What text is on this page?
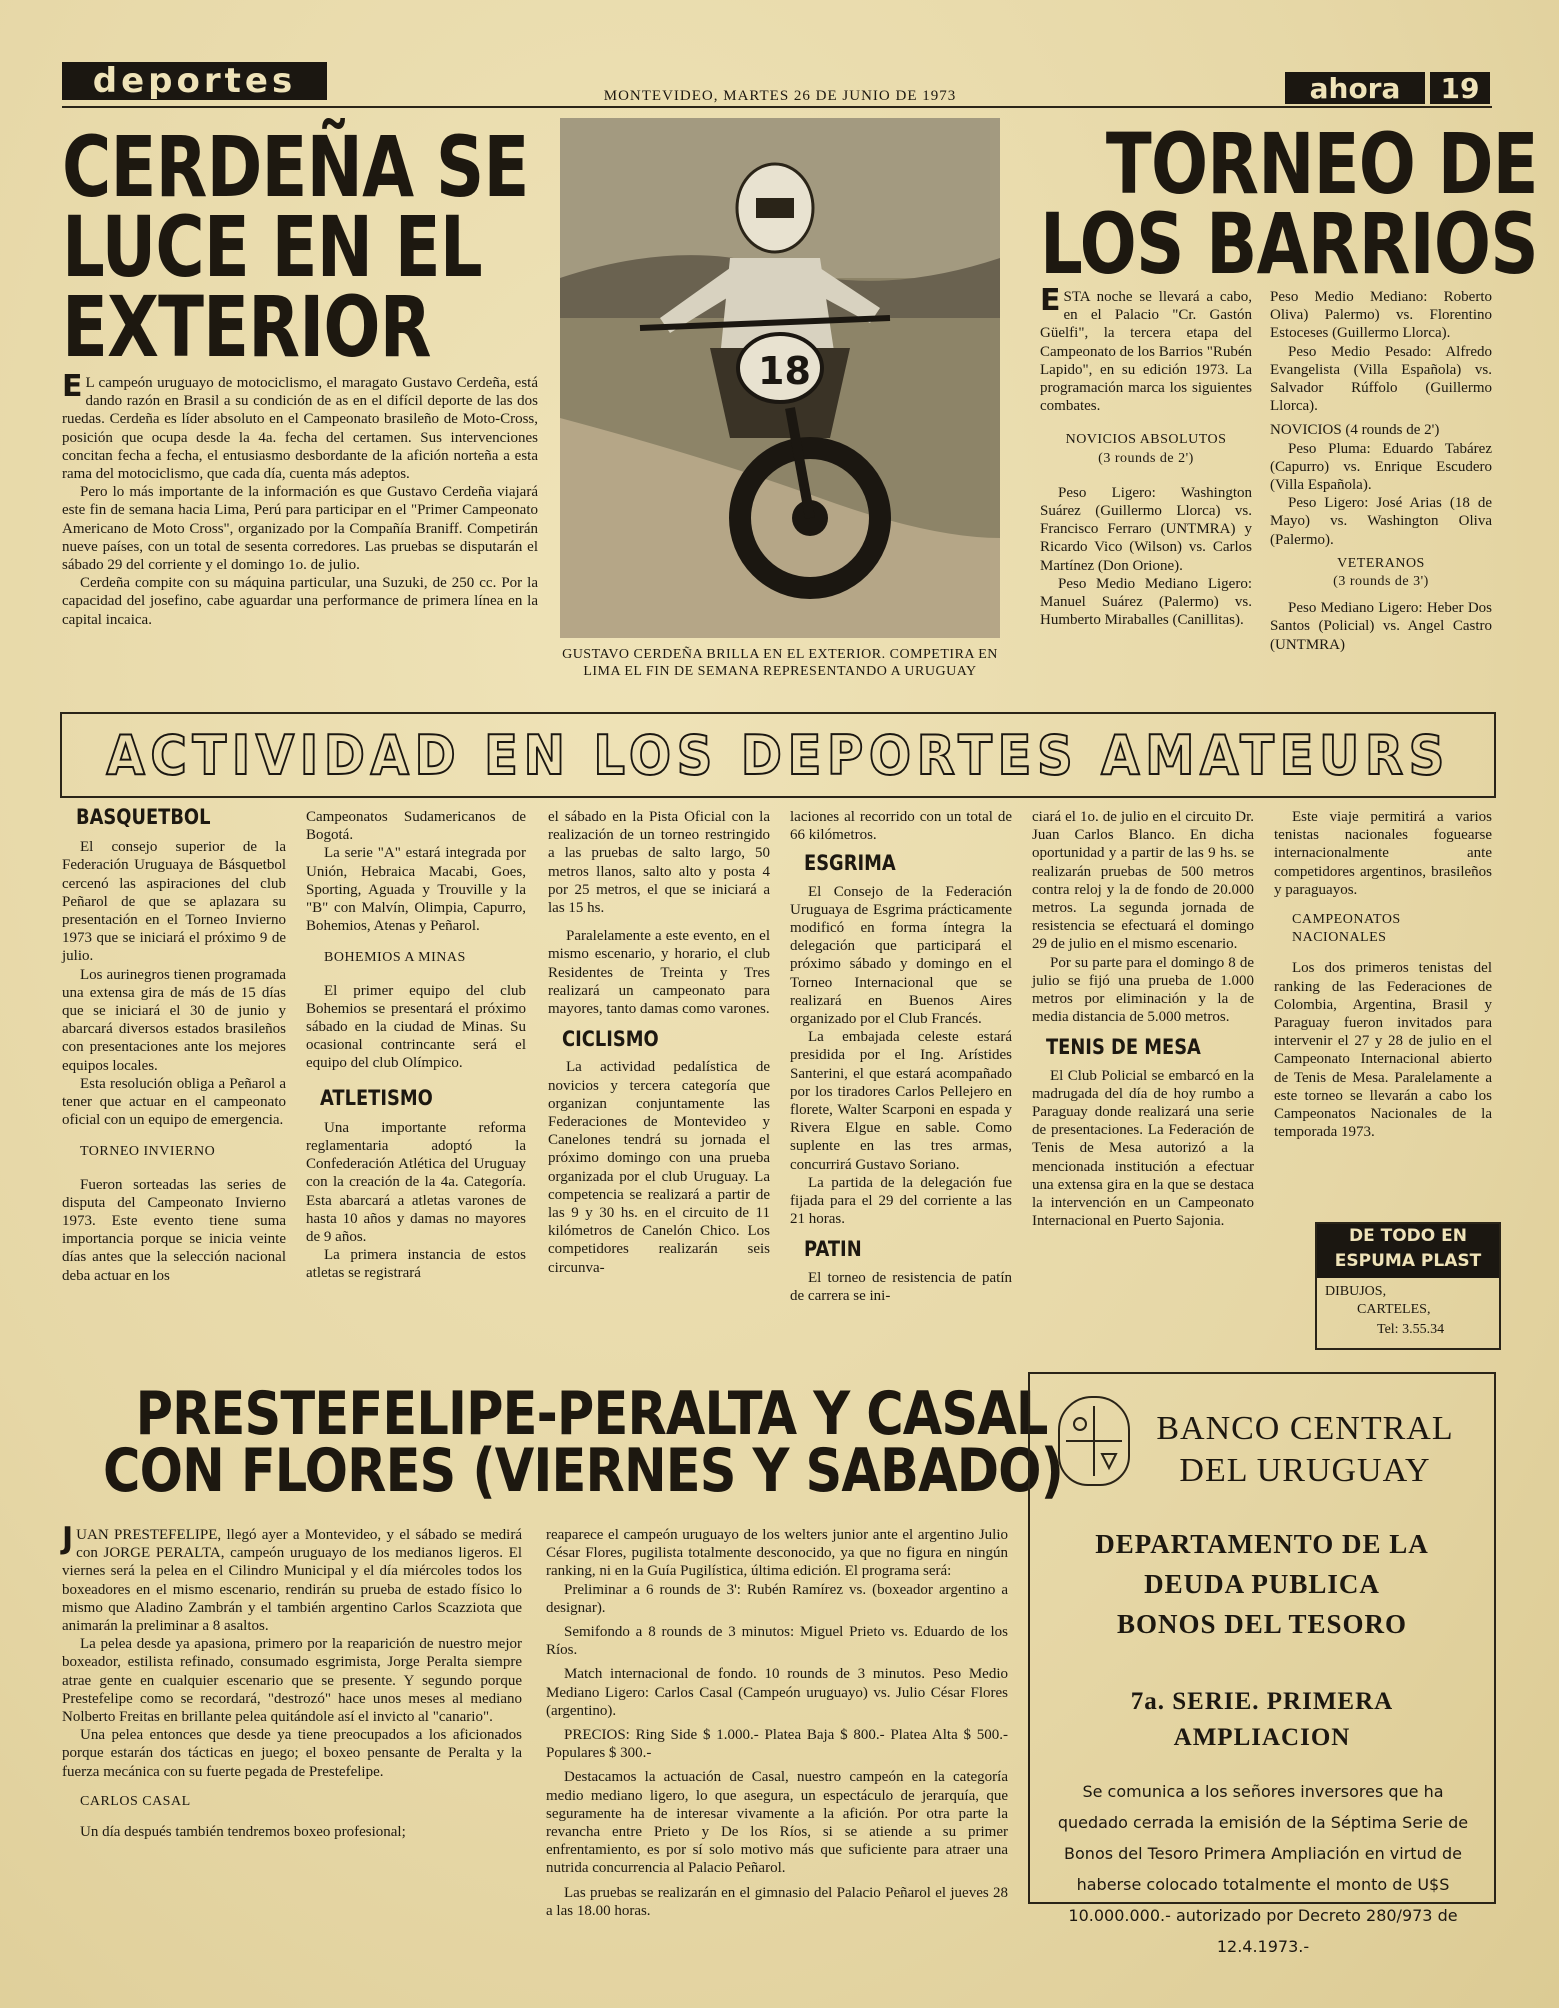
deportes	MONTEVIDEO, MARTES 26 DE JUNIO DE 1973	ahora	19
CERDEÑA SE
LUCE EN EL
EXTERIOR

E L campeón uruguayo de motociclismo, el maragato Gustavo Cerdeña, está dando razón en Brasil a su condición de as en el difícil deporte de las dos ruedas. Cerdeña es líder absoluto en el Campeonato brasileño de Moto-Cross, posición que ocupa desde la 4a. fecha del certamen. Sus intervenciones concitan fecha a fecha, el entusiasmo desbordante de la afición norteña a esta rama del motociclismo, que cada día, cuenta más adeptos.

Pero lo más importante de la información es que Gustavo Cerdeña viajará este fin de semana hacia Lima, Perú para participar en el "Primer Campeonato Americano de Moto Cross", organizado por la Compañía Braniff. Competirán nueve países, con un total de sesenta corredores. Las pruebas se disputarán el sábado 29 del corriente y el domingo 1o. de julio.

Cerdeña compite con su máquina particular, una Suzuki, de 250 cc. Por la capacidad del josefino, cabe aguardar una performance de primera línea en la capital incaica.

18
GUSTAVO CERDEÑA BRILLA EN EL EXTERIOR. COMPETIRA EN LIMA EL FIN DE SEMANA REPRESENTANDO A URUGUAY
TORNEO DE
LOS BARRIOS

ESTA noche se llevará a cabo, en el Palacio "Cr. Gastón Güelfi", la tercera etapa del Campeonato de los Barrios "Rubén Lapido", en su edición 1973. La programación marca los siguientes combates.

NOVICIOS ABSOLUTOS
(3 rounds de 2')

Peso Ligero: Washington Suárez (Guillermo Llorca) vs. Francisco Ferraro (UNTMRA) y Ricardo Vico (Wilson) vs. Carlos Martínez (Don Orione).

Peso Medio Mediano Ligero: Manuel Suárez (Palermo) vs. Humberto Miraballes (Canillitas).

Peso Medio Mediano: Roberto Oliva) Palermo) vs. Florentino Estoceses (Guillermo Llorca).

Peso Medio Pesado: Alfredo Evangelista (Villa Española) vs. Salvador Rúffolo (Guillermo Llorca).

NOVICIOS (4 rounds de 2')

Peso Pluma: Eduardo Tabárez (Capurro) vs. Enrique Escudero (Villa Española).

Peso Ligero: José Arias (18 de Mayo) vs. Washington Oliva (Palermo).

VETERANOS
(3 rounds de 3')

Peso Mediano Ligero: Heber Dos Santos (Policial) vs. Angel Castro (UNTMRA)

ACTIVIDAD EN LOS DEPORTES AMATEURS
BASQUETBOL

El consejo superior de la Federación Uruguaya de Básquetbol cercenó las aspiraciones del club Peñarol de que se aplazara su presentación en el Torneo Invierno 1973 que se iniciará el próximo 9 de julio.

Los aurinegros tienen programada una extensa gira de más de 15 días que se iniciará el 30 de junio y abarcará diversos estados brasileños con presentaciones ante los mejores equipos locales.

Esta resolución obliga a Peñarol a tener que actuar en el campeonato oficial con un equipo de emergencia.

TORNEO INVIERNO

Fueron sorteadas las series de disputa del Campeonato Invierno 1973. Este evento tiene suma importancia porque se inicia veinte días antes que la selección nacional deba actuar en los

Campeonatos Sudamericanos de Bogotá.

La serie "A" estará integrada por Unión, Hebraica Macabi, Goes, Sporting, Aguada y Trouville y la "B" con Malvín, Olimpia, Capurro, Bohemios, Atenas y Peñarol.

BOHEMIOS A MINAS

El primer equipo del club Bohemios se presentará el próximo sábado en la ciudad de Minas. Su ocasional contrincante será el equipo del club Olímpico.

ATLETISMO

Una importante reforma reglamentaria adoptó la Confederación Atlética del Uruguay con la creación de la 4a. Categoría. Esta abarcará a atletas varones de hasta 10 años y damas no mayores de 9 años.

La primera instancia de estos atletas se registrará

el sábado en la Pista Oficial con la realización de un torneo restringido a las pruebas de salto largo, 50 metros llanos, salto alto y posta 4 por 25 metros, el que se iniciará a las 15 hs.

Paralelamente a este evento, en el mismo escenario, y horario, el club Residentes de Treinta y Tres realizará un campeonato para mayores, tanto damas como varones.

CICLISMO

La actividad pedalística de novicios y tercera categoría que organizan conjuntamente las Federaciones de Montevideo y Canelones tendrá su jornada el próximo domingo con una prueba organizada por el club Uruguay. La competencia se realizará a partir de las 9 y 30 hs. en el circuito de 11 kilómetros de Canelón Chico. Los competidores realizarán seis circunva-

laciones al recorrido con un total de 66 kilómetros.

ESGRIMA

El Consejo de la Federación Uruguaya de Esgrima prácticamente modificó en forma íntegra la delegación que participará el próximo sábado y domingo en el Torneo Internacional que se realizará en Buenos Aires organizado por el Club Francés.

La embajada celeste estará presidida por el Ing. Arístides Santerini, el que estará acompañado por los tiradores Carlos Pellejero en florete, Walter Scarponi en espada y Rivera Elgue en sable. Como suplente en las tres armas, concurrirá Gustavo Soriano.

La partida de la delegación fue fijada para el 29 del corriente a las 21 horas.

PATIN

El torneo de resistencia de patín de carrera se ini-

ciará el 1o. de julio en el circuito Dr. Juan Carlos Blanco. En dicha oportunidad y a partir de las 9 hs. se realizarán pruebas de 500 metros contra reloj y la de fondo de 20.000 metros. La segunda jornada de resistencia se efectuará el domingo 29 de julio en el mismo escenario.

Por su parte para el domingo 8 de julio se fijó una prueba de 1.000 metros por eliminación y la de media distancia de 5.000 metros.

TENIS DE MESA

El Club Policial se embarcó en la madrugada del día de hoy rumbo a Paraguay donde realizará una serie de presentaciones. La Federación de Tenis de Mesa autorizó a la mencionada institución a efectuar una extensa gira en la que se destaca la intervención en un Campeonato Internacional en Puerto Sajonia.

Este viaje permitirá a varios tenistas nacionales foguearse internacionalmente ante competidores argentinos, brasileños y paraguayos.

CAMPEONATOS
NACIONALES

Los dos primeros tenistas del ranking de las Federaciones de Colombia, Argentina, Brasil y Paraguay fueron invitados para intervenir el 27 y 28 de julio en el Campeonato Internacional abierto de Tenis de Mesa. Paralelamente a este torneo se llevarán a cabo los Campeonatos Nacionales de la temporada 1973.

DE TODO EN
ESPUMA PLAST
DIBUJOS,
CARTELES,
Tel: 3.55.34
PRESTEFELIPE-PERALTA Y CASAL
CON FLORES (VIERNES Y SABADO)

JUAN PRESTEFELIPE, llegó ayer a Montevideo, y el sábado se medirá con JORGE PERALTA, campeón uruguayo de los medianos ligeros. El viernes será la pelea en el Cilindro Municipal y el día miércoles todos los boxeadores en el mismo escenario, rendirán su prueba de estado físico lo mismo que Aladino Zambrán y el también argentino Carlos Scazziota que animarán la preliminar a 8 asaltos.

La pelea desde ya apasiona, primero por la reaparición de nuestro mejor boxeador, estilista refinado, consumado esgrimista, Jorge Peralta siempre atrae gente en cualquier escenario que se presente. Y segundo porque Prestefelipe como se recordará, "destrozó" hace unos meses al mediano Nolberto Freitas en brillante pelea quitándole así el invicto al "canario".

Una pelea entonces que desde ya tiene preocupados a los aficionados porque estarán dos tácticas en juego; el boxeo pensante de Peralta y la fuerza mecánica con su fuerte pegada de Prestefelipe.

CARLOS CASAL

Un día después también tendremos boxeo profesional;

reaparece el campeón uruguayo de los welters junior ante el argentino Julio César Flores, pugilista totalmente desconocido, ya que no figura en ningún ranking, ni en la Guía Pugilística, última edición. El programa será:

Preliminar a 6 rounds de 3': Rubén Ramírez vs. (boxeador argentino a designar).

Semifondo a 8 rounds de 3 minutos: Miguel Prieto vs. Eduardo de los Ríos.

Match internacional de fondo. 10 rounds de 3 minutos. Peso Medio Mediano Ligero: Carlos Casal (Campeón uruguayo) vs. Julio César Flores (argentino).

PRECIOS: Ring Side $ 1.000.- Platea Baja $ 800.- Platea Alta $ 500.- Populares $ 300.-

Destacamos la actuación de Casal, nuestro campeón en la categoría medio mediano ligero, lo que asegura, un espectáculo de jerarquía, que seguramente ha de interesar vivamente a la afición. Por otra parte la revancha entre Prieto y De los Ríos, si se atiende a su primer enfrentamiento, es por sí solo motivo más que suficiente para atraer una nutrida concurrencia al Palacio Peñarol.

Las pruebas se realizarán en el gimnasio del Palacio Peñarol el jueves 28 a las 18.00 horas.

BANCO CENTRAL
DEL URUGUAY
DEPARTAMENTO DE LA
DEUDA PUBLICA
BONOS DEL TESORO
7a. SERIE. PRIMERA
AMPLIACION
Se comunica a los señores inversores que ha quedado cerrada la emisión de la Séptima Serie de Bonos del Tesoro Primera Ampliación en virtud de haberse colocado totalmente el monto de U$S 10.000.000.- autorizado por Decreto 280/973 de 12.4.1973.-
